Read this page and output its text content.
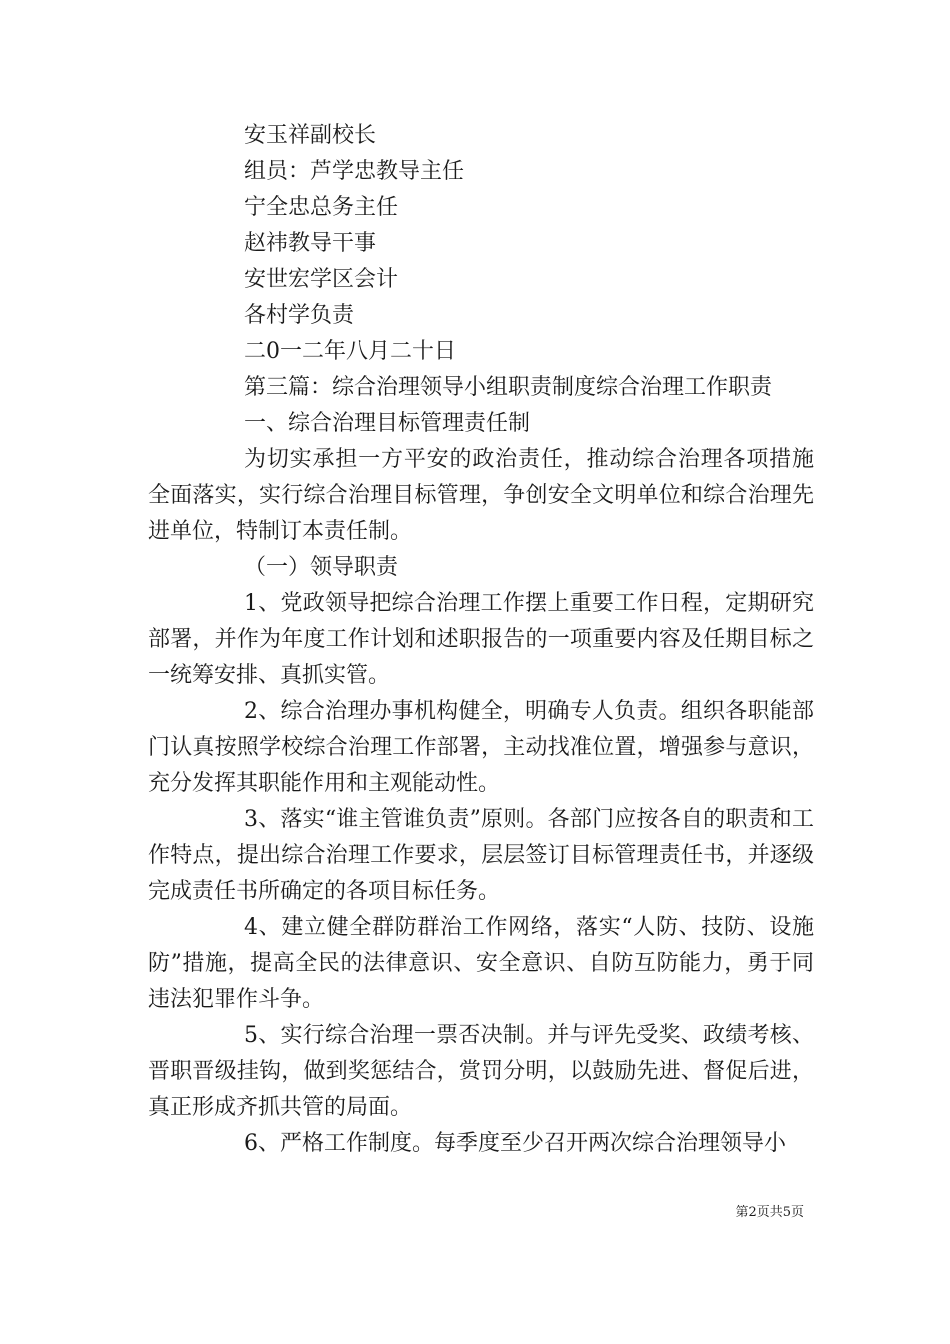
安玉祥副校长

组员：芦学忠教导主任

宁全忠总务主任

赵祎教导干事

安世宏学区会计

各村学负责

二0一二年八月二十日

第三篇：综合治理领导小组职责制度综合治理工作职责

一、综合治理目标管理责任制

为切实承担一方平安的政治责任，推动综合治理各项措施全面落实，实行综合治理目标管理，争创安全文明单位和综合治理先进单位，特制订本责任制。

（一）领导职责

1、党政领导把综合治理工作摆上重要工作日程，定期研究部署，并作为年度工作计划和述职报告的一项重要内容及任期目标之一统筹安排、真抓实管。

2、综合治理办事机构健全，明确专人负责。组织各职能部门认真按照学校综合治理工作部署，主动找准位置，增强参与意识，充分发挥其职能作用和主观能动性。

3、落实“谁主管谁负责”原则。各部门应按各自的职责和工作特点，提出综合治理工作要求，层层签订目标管理责任书，并逐级完成责任书所确定的各项目标任务。

4、建立健全群防群治工作网络，落实“人防、技防、设施防”措施，提高全民的法律意识、安全意识、自防互防能力，勇于同违法犯罪作斗争。

5、实行综合治理一票否决制。并与评先受奖、政绩考核、晋职晋级挂钩，做到奖惩结合，赏罚分明，以鼓励先进、督促后进，真正形成齐抓共管的局面。

6、严格工作制度。每季度至少召开两次综合治理领导小

第2页共5页
